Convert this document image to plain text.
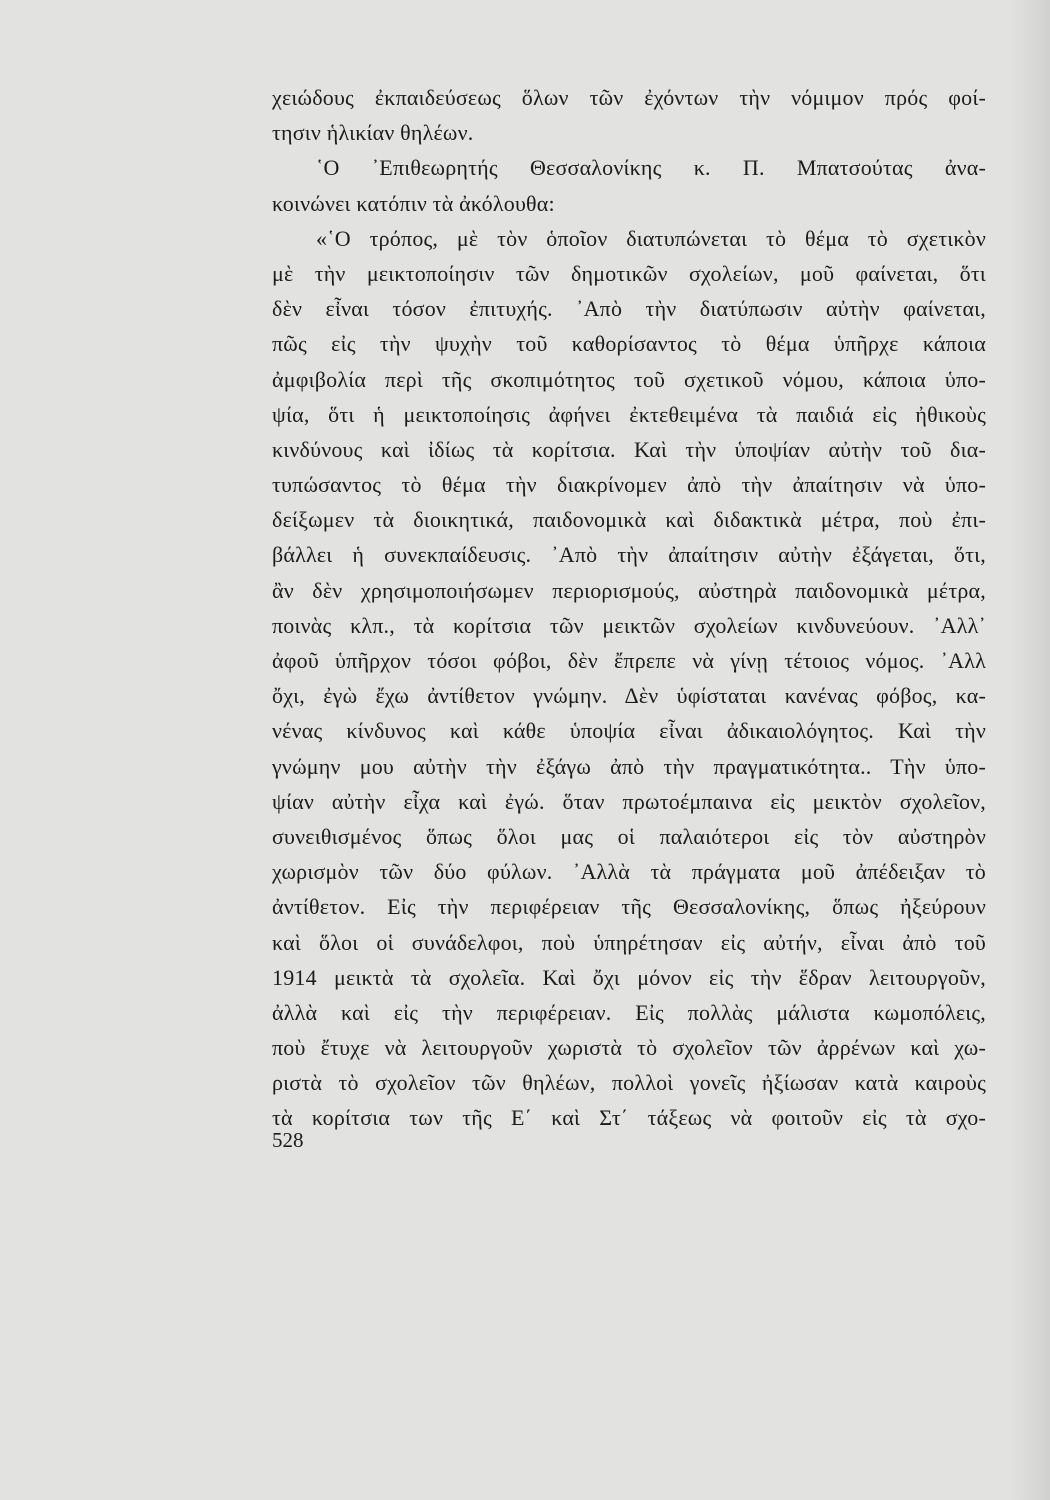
χειώδους ἐκπαιδεύσεως ὅλων τῶν ἐχόντων τὴν νόμιμον πρός φοί-
τησιν ἡλικίαν θηλέων.
῾Ο ᾿Επιθεωρητής Θεσσαλονίκης κ. Π. Μπατσούτας ἀνα-
κοινώνει κατόπιν τὰ ἀκόλουθα:
«῾Ο τρόπος, μὲ τὸν ὁποῖον διατυπώνεται τὸ θέμα τὸ σχετικὸν
μὲ τὴν μεικτοποίησιν τῶν δημοτικῶν σχολείων, μοῦ φαίνεται, ὅτι
δὲν εἶναι τόσον ἐπιτυχής. ᾿Απὸ τὴν διατύπωσιν αὐτὴν φαίνεται,
πῶς εἰς τὴν ψυχὴν τοῦ καθορίσαντος τὸ θέμα ὑπῆρχε κάποια
ἀμφιβολία περὶ τῆς σκοπιμότητος τοῦ σχετικοῦ νόμου, κάποια ὑπο-
ψία, ὅτι ἡ μεικτοποίησις ἀφήνει ἐκτεθειμένα τὰ παιδιά εἰς ἠθικοὺς
κινδύνους καὶ ἰδίως τὰ κορίτσια. Καὶ τὴν ὑποψίαν αὐτὴν τοῦ δια-
τυπώσαντος τὸ θέμα τὴν διακρίνομεν ἀπὸ τὴν ἀπαίτησιν νὰ ὑπο-
δείξωμεν τὰ διοικητικά, παιδονομικὰ καὶ διδακτικὰ μέτρα, ποὺ ἐπι-
βάλλει ἡ συνεκπαίδευσις. ᾿Απὸ τὴν ἀπαίτησιν αὐτὴν ἐξάγεται, ὅτι,
ἂν δὲν χρησιμοποιήσωμεν περιορισμούς, αὐστηρὰ παιδονομικὰ μέτρα,
ποινὰς κλπ., τὰ κορίτσια τῶν μεικτῶν σχολείων κινδυνεύουν. ᾿Αλλ᾿
ἀφοῦ ὑπῆρχον τόσοι φόβοι, δὲν ἔπρεπε νὰ γίνῃ τέτοιος νόμος. ᾿Αλλ
ὄχι, ἐγὼ ἔχω ἀντίθετον γνώμην. Δὲν ὑφίσταται κανένας φόβος, κα-
νένας κίνδυνος καὶ κάθε ὑποψία εἶναι ἀδικαιολόγητος. Καὶ τὴν
γνώμην μου αὐτὴν τὴν ἐξάγω ἀπὸ τὴν πραγματικότητα.. Τὴν ὑπο-
ψίαν αὐτὴν εἶχα καὶ ἐγώ. ὅταν πρωτοέμπαινα εἰς μεικτὸν σχολεῖον,
συνειθισμένος ὅπως ὅλοι μας οἱ παλαιότεροι εἰς τὸν αὐστηρὸν
χωρισμὸν τῶν δύο φύλων. ᾿Αλλὰ τὰ πράγματα μοῦ ἀπέδειξαν τὸ
ἀντίθετον. Εἰς τὴν περιφέρειαν τῆς Θεσσαλονίκης, ὅπως ἠξεύρουν
καὶ ὅλοι οἱ συνάδελφοι, ποὺ ὑπηρέτησαν εἰς αὐτήν, εἶναι ἀπὸ τοῦ
1914 μεικτὰ τὰ σχολεῖα. Καὶ ὄχι μόνον εἰς τὴν ἕδραν λειτουργοῦν,
ἀλλὰ καὶ εἰς τὴν περιφέρειαν. Εἰς πολλὰς μάλιστα κωμοπόλεις,
ποὺ ἔτυχε νὰ λειτουργοῦν χωριστὰ τὸ σχολεῖον τῶν ἀρρένων καὶ χω-
ριστὰ τὸ σχολεῖον τῶν θηλέων, πολλοὶ γονεῖς ἠξίωσαν κατὰ καιροὺς
τὰ κορίτσια των τῆς Ε΄ καὶ Στ΄ τάξεως νὰ φοιτοῦν εἰς τὰ σχο-
528
